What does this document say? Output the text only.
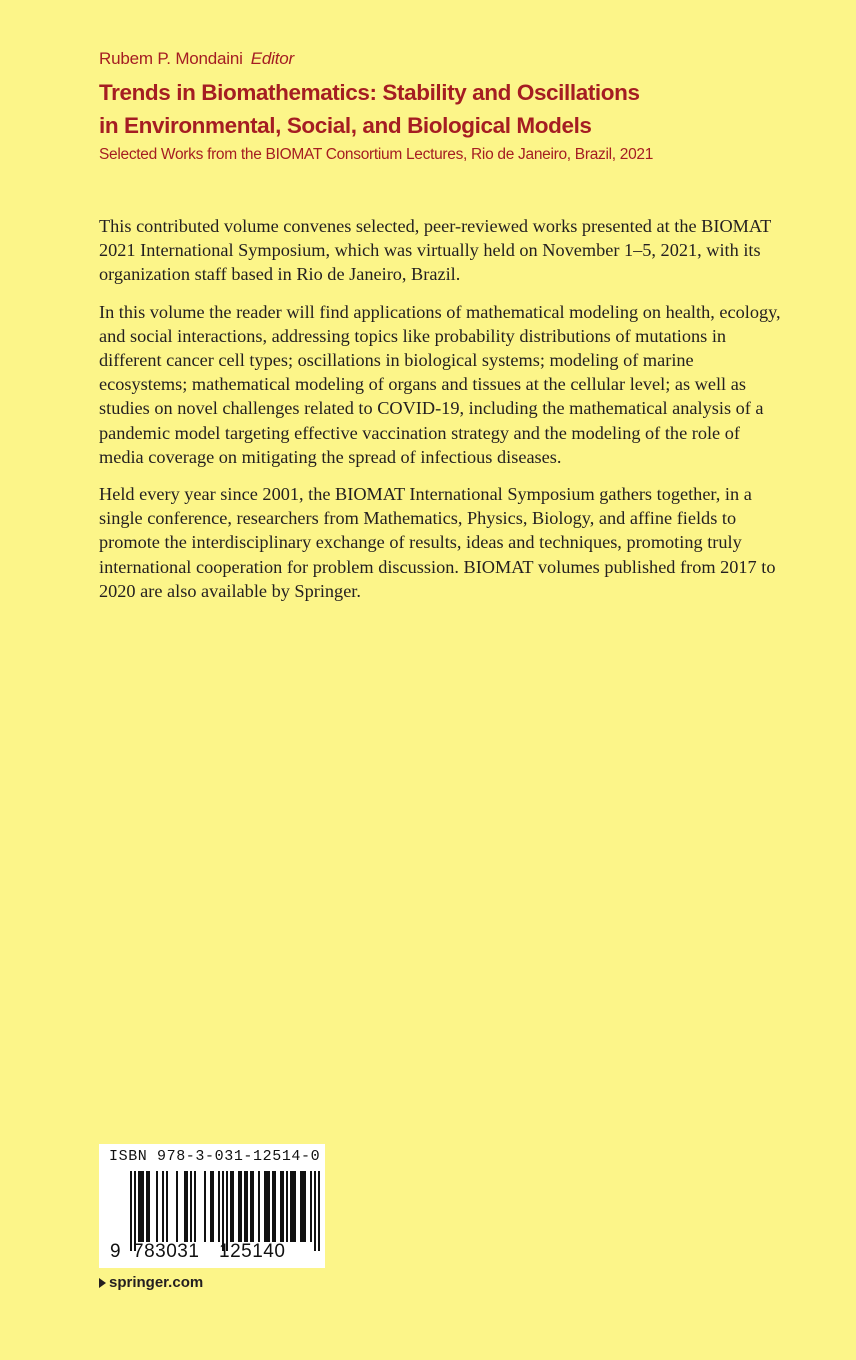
Rubem P. Mondaini Editor
Trends in Biomathematics: Stability and Oscillations
in Environmental, Social, and Biological Models
Selected Works from the BIOMAT Consortium Lectures, Rio de Janeiro, Brazil, 2021

This contributed volume convenes selected, peer-reviewed works presented at the BIOMAT 2021 International Symposium, which was virtually held on November 1–5, 2021, with its organization staff based in Rio de Janeiro, Brazil.

In this volume the reader will find applications of mathematical modeling on health, ecology, and social interactions, addressing topics like probability distributions of mutations in different cancer cell types; oscillations in biological systems; modeling of marine ecosystems; mathematical modeling of organs and tissues at the cellular level; as well as studies on novel challenges related to COVID-19, including the mathematical analysis of a pandemic model targeting effective vaccination strategy and the modeling of the role of media coverage on mitigating the spread of infectious diseases.

Held every year since 2001, the BIOMAT International Symposium gathers together, in a single conference, researchers from Mathematics, Physics, Biology, and affine fields to promote the interdisciplinary exchange of results, ideas and techniques, promoting truly international cooperation for problem discussion. BIOMAT volumes published from 2017 to 2020 are also available by Springer.

ISBN 978-3-031-12514-0
9 783031 125140
springer.com
